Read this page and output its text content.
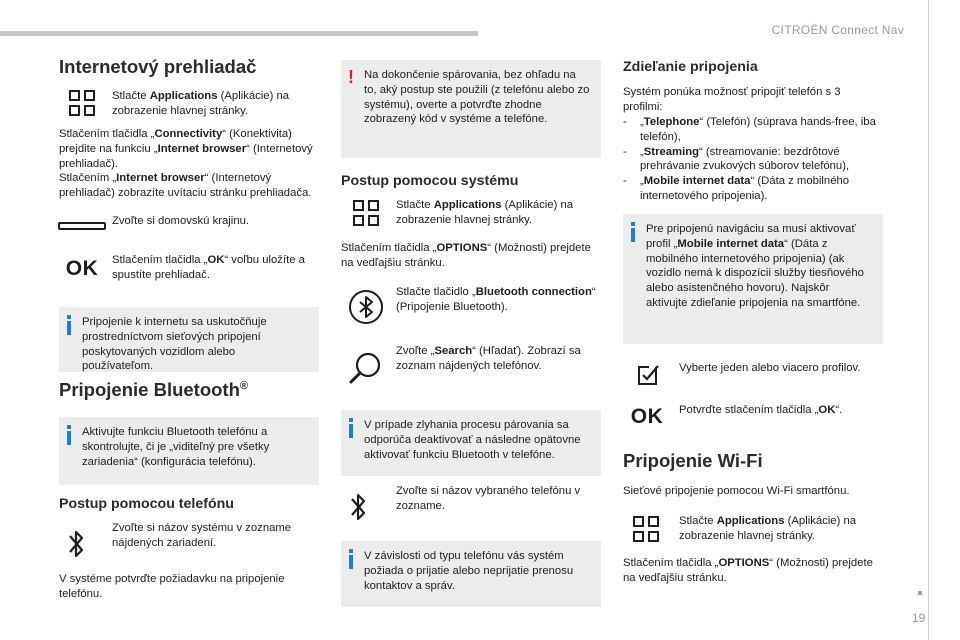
CITROËN Connect Nav
19
Internetový prehliadač
Stlačte Applications (Aplikácie) na zobrazenie hlavnej stránky.
Stlačením tlačidla „Connectivity“ (Konektivita) prejdite na funkciu „Internet browser“ (Internetový prehliadač).
Stlačením „Internet browser“ (Internetový prehliadač) zobrazíte uvítaciu stránku prehliadača.
Zvoľte si domovskú krajinu.
OK	Stlačením tlačidla „OK“ voľbu uložíte a spustíte prehliadač.
Pripojenie k internetu sa uskutočňuje prostredníctvom sieťových pripojení poskytovaných vozidlom alebo používateľom.
Pripojenie Bluetooth®
Aktivujte funkciu Bluetooth telefónu a skontrolujte, či je „viditeľný pre všetky zariadenia“ (konfigurácia telefónu).
Postup pomocou telefónu
Zvoľte si názov systému v zozname nájdených zariadení.
V systéme potvrďte požiadavku na pripojenie telefónu.
! Na dokončenie spárovania, bez ohľadu na to, aký postup ste použili (z telefónu alebo zo systému), overte a potvrďte zhodne zobrazený kód v systéme a telefóne.
Postup pomocou systému
Stlačte Applications (Aplikácie) na zobrazenie hlavnej stránky.
Stlačením tlačidla „OPTIONS“ (Možnosti) prejdete na vedľajšiu stránku.
Stlačte tlačidlo „Bluetooth connection“ (Pripojenie Bluetooth).
Zvoľte „Search“ (Hľadať). Zobrazí sa zoznam nájdených telefónov.
V prípade zlyhania procesu párovania sa odporúča deaktivovať a následne opätovne aktivovať funkciu Bluetooth v telefóne.
Zvoľte si názov vybraného telefónu v zozname.
V závislosti od typu telefónu vás systém požiada o prijatie alebo neprijatie prenosu kontaktov a správ.
Zdieľanie pripojenia
Systém ponúka možnosť pripojiť telefón s 3 profilmi:
-	„Telephone“ (Telefón) (súprava hands-free, iba telefón),
-	„Streaming“ (streamovanie: bezdrôtové prehrávanie zvukových súborov telefónu),
-	„Mobile internet data“ (Dáta z mobilného internetového pripojenia).
Pre pripojenú navigáciu sa musí aktivovať profil „Mobile internet data“ (Dáta z mobilného internetového pripojenia) (ak vozidlo nemá k dispozícii služby tiesňového alebo asistenčného hovoru). Najskôr aktivujte zdieľanie pripojenia na smartfóne.
Vyberte jeden alebo viacero profilov.
OK	Potvrďte stlačením tlačidla „OK“.
Pripojenie Wi-Fi
Sieťové pripojenie pomocou Wi-Fi smartfónu.
Stlačte Applications (Aplikácie) na zobrazenie hlavnej stránky.
Stlačením tlačidla „OPTIONS“ (Možnosti) prejdete na vedľajšiu stránku.
